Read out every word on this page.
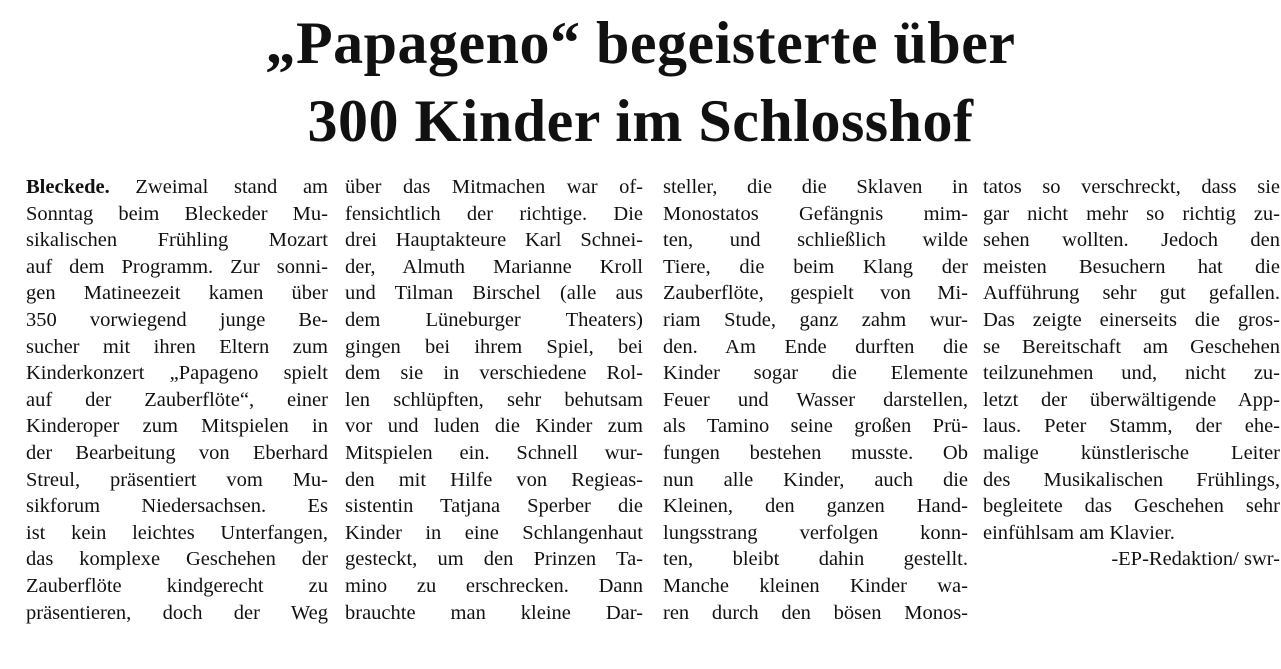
„Papageno“ begeisterte über
300 Kinder im Schlosshof
Bleckede. Zweimal stand am
Sonntag beim Bleckeder Mu-
sikalischen Frühling Mozart
auf dem Programm. Zur sonni-
gen Matineezeit kamen über
350 vorwiegend junge Be-
sucher mit ihren Eltern zum
Kinderkonzert „Papageno spielt
auf der Zauberflöte“, einer
Kinderoper zum Mitspielen in
der Bearbeitung von Eberhard
Streul, präsentiert vom Mu-
sikforum Niedersachsen. Es
ist kein leichtes Unterfangen,
das komplexe Geschehen der
Zauberflöte kindgerecht zu
präsentieren, doch der Weg
über das Mitmachen war of-
fensichtlich der richtige. Die
drei Hauptakteure Karl Schnei-
der, Almuth Marianne Kroll
und Tilman Birschel (alle aus
dem Lüneburger Theaters)
gingen bei ihrem Spiel, bei
dem sie in verschiedene Rol-
len schlüpften, sehr behutsam
vor und luden die Kinder zum
Mitspielen ein. Schnell wur-
den mit Hilfe von Regieas-
sistentin Tatjana Sperber die
Kinder in eine Schlangenhaut
gesteckt, um den Prinzen Ta-
mino zu erschrecken. Dann
brauchte man kleine Dar-
steller, die die Sklaven in
Monostatos Gefängnis mim-
ten, und schließlich wilde
Tiere, die beim Klang der
Zauberflöte, gespielt von Mi-
riam Stude, ganz zahm wur-
den. Am Ende durften die
Kinder sogar die Elemente
Feuer und Wasser darstellen,
als Tamino seine großen Prü-
fungen bestehen musste. Ob
nun alle Kinder, auch die
Kleinen, den ganzen Hand-
lungsstrang verfolgen konn-
ten, bleibt dahin gestellt.
Manche kleinen Kinder wa-
ren durch den bösen Monos-
tatos so verschreckt, dass sie
gar nicht mehr so richtig zu-
sehen wollten. Jedoch den
meisten Besuchern hat die
Aufführung sehr gut gefallen.
Das zeigte einerseits die gros-
se Bereitschaft am Geschehen
teilzunehmen und, nicht zu-
letzt der überwältigende App-
laus. Peter Stamm, der ehe-
malige künstlerische Leiter
des Musikalischen Frühlings,
begleitete das Geschehen sehr
einfühlsam am Klavier.
-EP-Redaktion/ swr-
